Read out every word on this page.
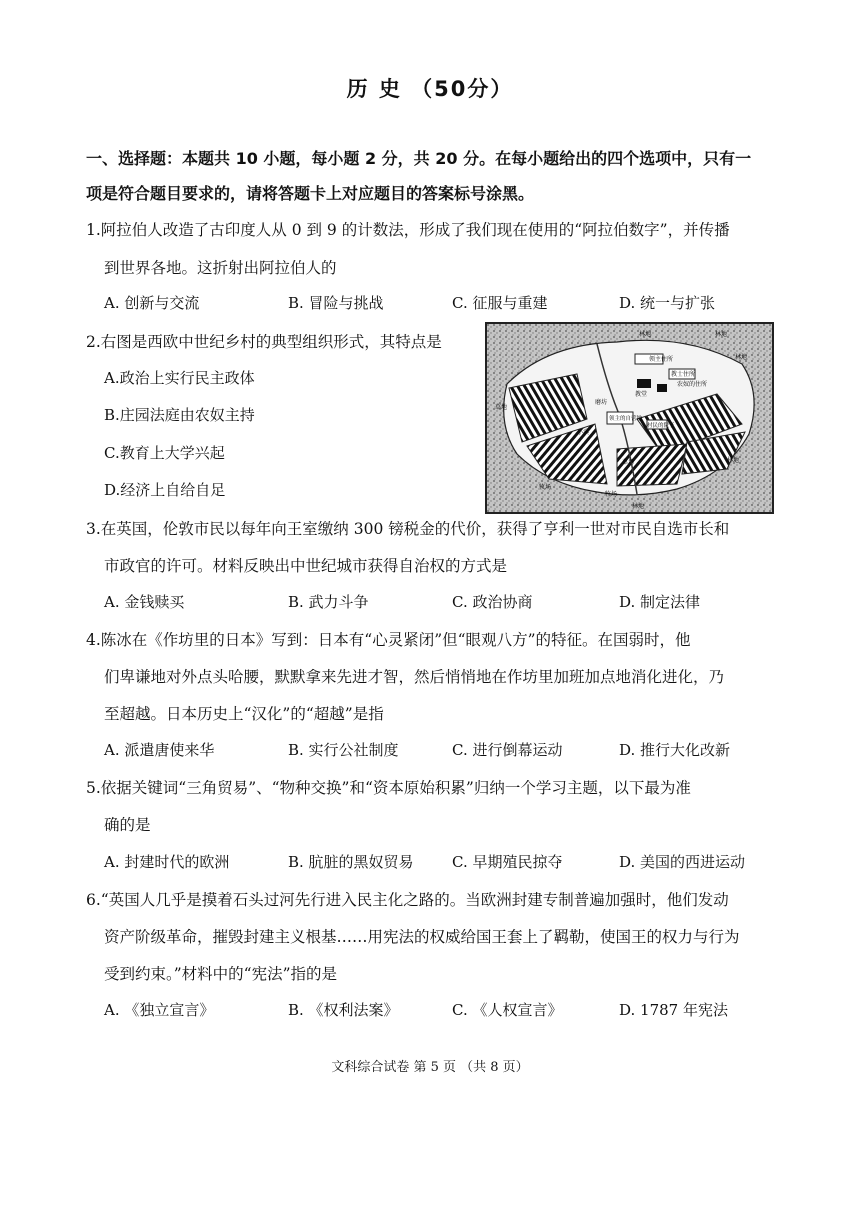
历 史 （50分）
一、选择题：本题共 10 小题，每小题 2 分，共 20 分。在每小题给出的四个选项中，只有一
项是符合题目要求的，请将答题卡上对应题目的答案标号涂黑。
1.阿拉伯人改造了古印度人从 0 到 9 的计数法，形成了我们现在使用的“阿拉伯数字”，并传播
到世界各地。这折射出阿拉伯人的
A. 创新与交流	B. 冒险与挑战	C. 征服与重建	D. 统一与扩张
2.右图是西欧中世纪乡村的典型组织形式，其特点是
A.政治上实行民主政体
B.庄园法庭由农奴主持
C.教育上大学兴起
D.经济上自给自足
领主住所
教士住所
教堂
农奴的住所
草地
磨坊
领主的自营地
小溪
村民的院子
草场
牧场
牧场
林地
林地
林地
林地
林地
3.在英国，伦敦市民以每年向王室缴纳 300 镑税金的代价，获得了亨利一世对市民自选市长和
市政官的许可。材料反映出中世纪城市获得自治权的方式是
A. 金钱赎买	B. 武力斗争	C. 政治协商	D. 制定法律
4.陈冰在《作坊里的日本》写到：日本有“心灵紧闭”但“眼观八方”的特征。在国弱时，他
们卑谦地对外点头哈腰，默默拿来先进才智，然后悄悄地在作坊里加班加点地消化进化，乃
至超越。日本历史上“汉化”的“超越”是指
A. 派遣唐使来华	B. 实行公社制度	C. 进行倒幕运动	D. 推行大化改新
5.依据关键词“三角贸易”、“物种交换”和“资本原始积累”归纳一个学习主题，以下最为准
确的是
A. 封建时代的欧洲	B. 肮脏的黑奴贸易	C. 早期殖民掠夺	D. 美国的西进运动
6.“英国人几乎是摸着石头过河先行进入民主化之路的。当欧洲封建专制普遍加强时，他们发动
资产阶级革命，摧毁封建主义根基……用宪法的权威给国王套上了羁勒，使国王的权力与行为
受到约束。”材料中的“宪法”指的是
A. 《独立宣言》	B. 《权利法案》	C. 《人权宣言》	D. 1787 年宪法
文科综合试卷 第 5 页 （共 8 页）
